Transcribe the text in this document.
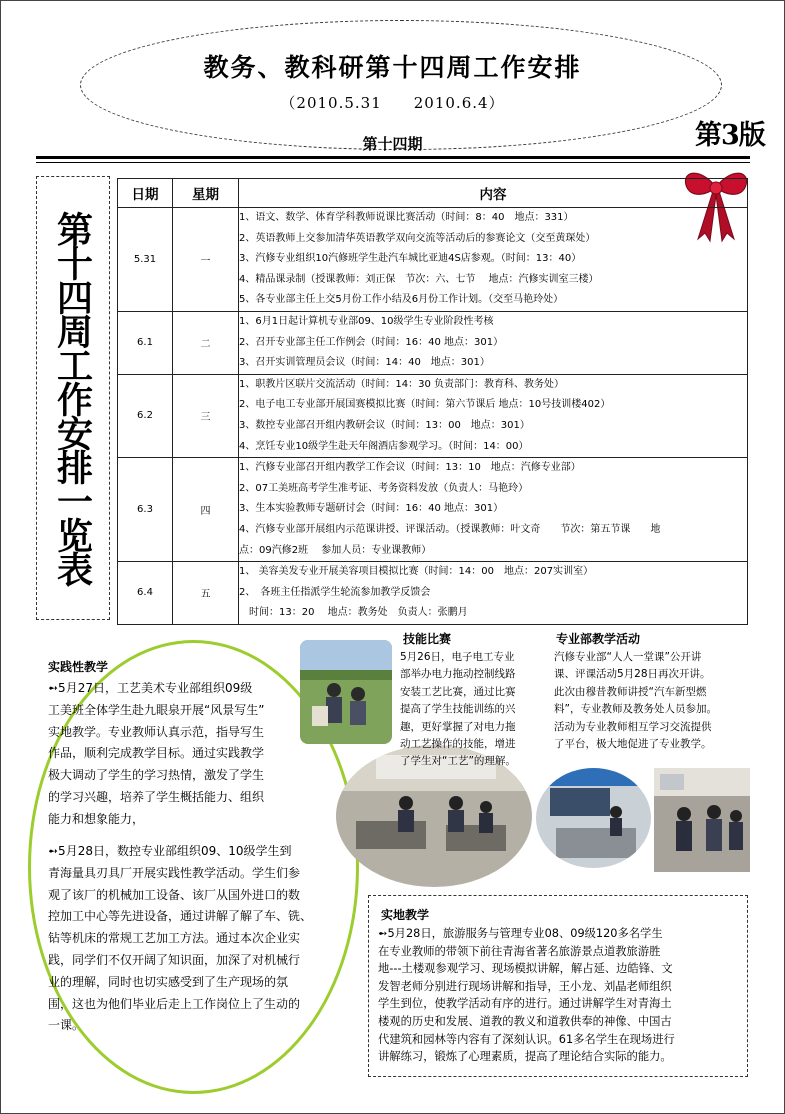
教务、教科研第十四周工作安排
（2010.5.31　　2010.6.4）
第十四期	第3版
第十四周工作安排一览表
日期	星期	内容
5.31	一	1、语文、数学、体育学科教师说课比赛活动（时间：8：40　地点：331）
2、英语教师上交参加清华英语教学双向交流等活动后的参赛论文（交至黄琛处）
3、汽修专业组织10汽修班学生赴汽车城比亚迪4S店参观。（时间：13：40）
4、精品课录制（授课教师：刘正保　节次：六、七节　 地点：汽修实训室三楼）
5、各专业部主任上交5月份工作小结及6月份工作计划。（交至马艳玲处）

6.1	二	1、6月1日起计算机专业部09、10级学生专业阶段性考核
2、召开专业部主任工作例会（时间：16：40 地点：301）
3、召开实训管理员会议（时间：14：40　地点：301）

6.2	三	1、职教片区联片交流活动（时间：14：30 负责部门：教育科、教务处）
2、电子电工专业部开展国赛模拟比赛（时间：第六节课后 地点：10号技训楼402）
3、数控专业部召开组内教研会议（时间：13：00　地点：301）
4、烹饪专业10级学生赴天年阁酒店参观学习。（时间：14：00）

6.3	四	1、汽修专业部召开组内教学工作会议（时间：13：10　地点：汽修专业部）
2、07工美班高考学生准考证、考务资料发放（负责人：马艳玲）
3、生本实验教师专题研讨会（时间：16：40 地点：301）
4、汽修专业部开展组内示范课讲授、评课活动。（授课教师：叶文奇　　节次：第五节课　　地
点：09汽修2班　 参加人员：专业课教师）

6.4	五	1、 美容美发专业开展美容项目模拟比赛（时间：14：00　地点：207实训室）
2、　各班主任指派学生轮流参加教学反馈会
　时间：13：20　 地点：教务处　负责人：张鹏月
实践性教学
➻5月27日，工艺美术专业部组织09级
工美班全体学生赴九眼泉开展“风景写生”
实地教学。专业教师认真示范，指导写生
作品，顺利完成教学目标。通过实践教学
极大调动了学生的学习热情，激发了学生
的学习兴趣，培养了学生概括能力、组织
能力和想象能力，
➻5月28日，数控专业部组织09、10级学生到
青海量具刃具厂开展实践性教学活动。学生们参
观了该厂的机械加工设备、该厂从国外进口的数
控加工中心等先进设备，通过讲解了解了车、铣、
钻等机床的常规工艺加工方法。通过本次企业实
践，同学们不仅开阔了知识面，加深了对机械行
业的理解，同时也切实感受到了生产现场的氛
围，这也为他们毕业后走上工作岗位上了生动的
一课。
技能比赛
5月26日，电子电工专业
部举办电力拖动控制线路
安装工艺比赛，通过比赛
提高了学生技能训练的兴
趣，更好掌握了对电力拖
动工艺操作的技能，增进
了学生对“工艺”的理解。
专业部教学活动
汽修专业部“人人一堂课”公开讲
课、评课活动5月28日再次开讲。
此次由穆昔教师讲授“汽车新型燃
料”，专业教师及教务处人员参加。
活动为专业教师相互学习交流提供
了平台，极大地促进了专业教学。
实地教学
➻5月28日，旅游服务与管理专业08、09级120多名学生
在专业教师的带领下前往青海省著名旅游景点道教旅游胜
地---土楼观参观学习、现场模拟讲解，解占延、边皓锋、文
发智老师分别进行现场讲解和指导，王小龙、刘晶老师组织
学生到位，使教学活动有序的进行。通过讲解学生对青海土
楼观的历史和发展、道教的教义和道教供奉的神像、中国古
代建筑和园林等内容有了深刻认识。61多名学生在现场进行
讲解练习，锻炼了心理素质，提高了理论结合实际的能力。
